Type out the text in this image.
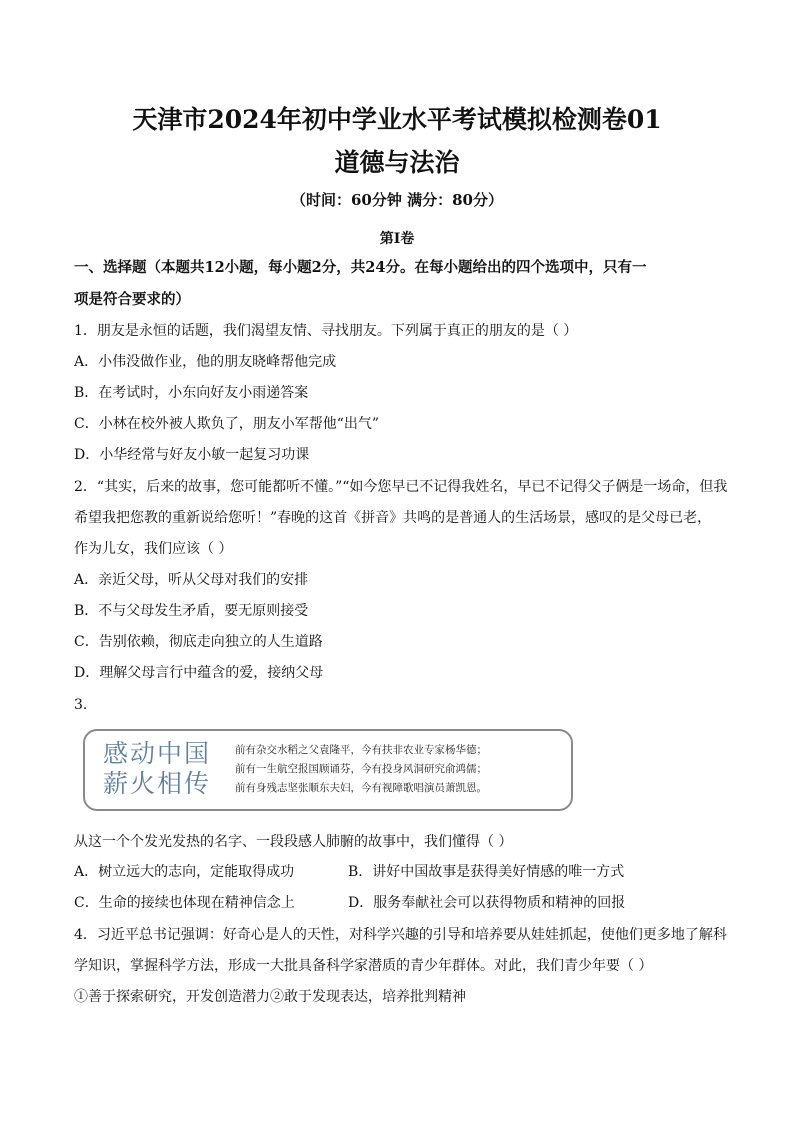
天津市2024年初中学业水平考试模拟检测卷01
道德与法治
（时间：60分钟 满分：80分）
第I卷
一、选择题（本题共12小题，每小题2分，共24分。在每小题给出的四个选项中，只有一
项是符合要求的）
1．朋友是永恒的话题，我们渴望友情、寻找朋友。下列属于真正的朋友的是（ ）
A．小伟没做作业，他的朋友晓峰帮他完成
B．在考试时，小东向好友小雨递答案
C．小林在校外被人欺负了，朋友小军帮他“出气”
D．小华经常与好友小敏一起复习功课
2．“其实，后来的故事，您可能都听不懂。”“如今您早已不记得我姓名，早已不记得父子俩是一场命，但我
希望我把您教的重新说给您听！”春晚的这首《拼音》共鸣的是普通人的生活场景，感叹的是父母已老，
作为儿女，我们应该（ ）
A．亲近父母，听从父母对我们的安排
B．不与父母发生矛盾，要无原则接受
C．告别依赖，彻底走向独立的人生道路
D．理解父母言行中蕴含的爱，接纳父母
3．
感动中国
薪火相传
前有杂交水稻之父袁隆平，今有扶非农业专家杨华德；
前有一生航空报国顾诵芬，今有投身风洞研究俞鸿儒；
前有身残志坚张顺东夫妇，今有视障歌唱演员萧凯恩。
从这一个个发光发热的名字、一段段感人肺腑的故事中，我们懂得（ ）
A．树立远大的志向，定能取得成功	B．讲好中国故事是获得美好情感的唯一方式
C．生命的接续也体现在精神信念上	D．服务奉献社会可以获得物质和精神的回报
4．习近平总书记强调：好奇心是人的天性，对科学兴趣的引导和培养要从娃娃抓起，使他们更多地了解科
学知识，掌握科学方法，形成一大批具备科学家潜质的青少年群体。对此，我们青少年要（ ）
①善于探索研究，开发创造潜力②敢于发现表达，培养批判精神
